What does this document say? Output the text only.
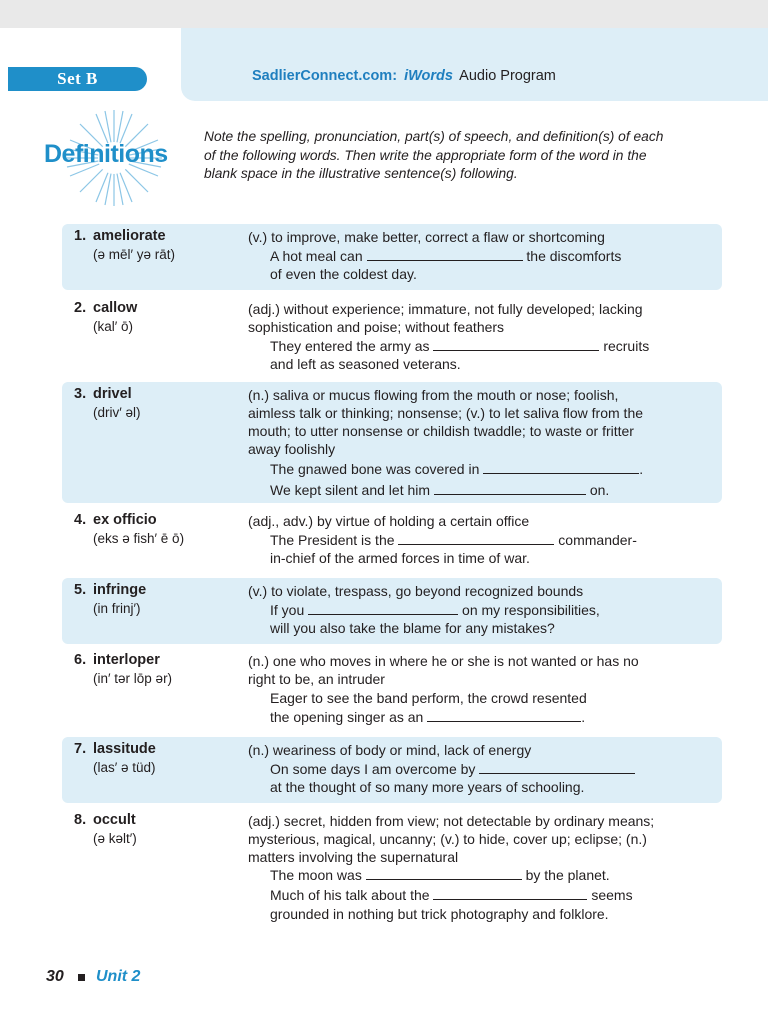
Set B	SadlierConnect.com: iWords Audio Program
Definitions
Note the spelling, pronunciation, part(s) of speech, and definition(s) of each of the following words. Then write the appropriate form of the word in the blank space in the illustrative sentence(s) following.
1. ameliorate
(ə mēl′ yə rāt)
(v.) to improve, make better, correct a flaw or shortcoming
A hot meal can	the discomforts
of even the coldest day.
2. callow
(kal′ ō)
(adj.) without experience; immature, not fully developed; lacking sophistication and poise; without feathers
They entered the army as	recruits
and left as seasoned veterans.
3. drivel
(driv′ əl)
(n.) saliva or mucus flowing from the mouth or nose; foolish, aimless talk or thinking; nonsense; (v.) to let saliva flow from the mouth; to utter nonsense or childish twaddle; to waste or fritter away foolishly
The gnawed bone was covered in	.
We kept silent and let him	on.
4. ex officio
(eks ə fish′ ē ō)
(adj., adv.) by virtue of holding a certain office
The President is the	commander-
in-chief of the armed forces in time of war.
5. infringe
(in frinj′)
(v.) to violate, trespass, go beyond recognized bounds
If you	on my responsibilities,
will you also take the blame for any mistakes?
6. interloper
(in′ tər lōp ər)
(n.) one who moves in where he or she is not wanted or has no right to be, an intruder
Eager to see the band perform, the crowd resented
the opening singer as an	.
7. lassitude
(las′ ə tüd)
(n.) weariness of body or mind, lack of energy
On some days I am overcome by
at the thought of so many more years of schooling.
8. occult
(ə kəlt′)
(adj.) secret, hidden from view; not detectable by ordinary means; mysterious, magical, uncanny; (v.) to hide, cover up; eclipse; (n.) matters involving the supernatural
The moon was	by the planet.
Much of his talk about the	seems
grounded in nothing but trick photography and folklore.
30 Unit 2
